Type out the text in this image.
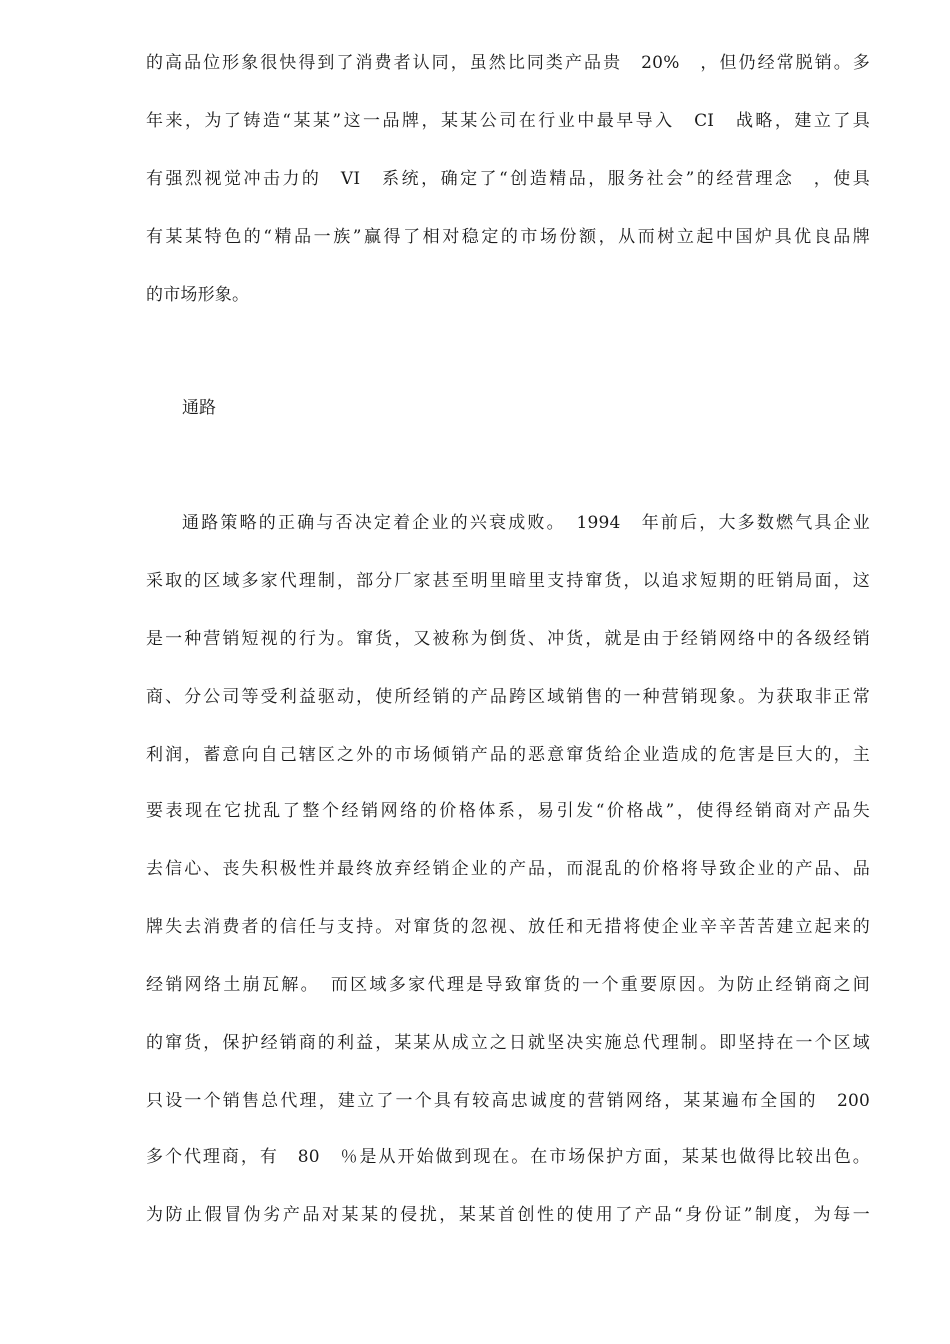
的高品位形象很快得到了消费者认同，虽然比同类产品贵　20%　，但仍经常脱销。多
年来，为了铸造“某某”这一品牌，某某公司在行业中最早导入　CI　战略，建立了具
有强烈视觉冲击力的　VI　系统，确定了“创造精品，服务社会”的经营理念　，使具
有某某特色的“精品一族”赢得了相对稳定的市场份额，从而树立起中国炉具优良品牌
的市场形象。
通路
通路策略的正确与否决定着企业的兴衰成败。　1994　年前后，大多数燃气具企业
采取的区域多家代理制，部分厂家甚至明里暗里支持窜货，以追求短期的旺销局面，这
是一种营销短视的行为。窜货，又被称为倒货、冲货，就是由于经销网络中的各级经销
商、分公司等受利益驱动，使所经销的产品跨区域销售的一种营销现象。为获取非正常
利润，蓄意向自己辖区之外的市场倾销产品的恶意窜货给企业造成的危害是巨大的，主
要表现在它扰乱了整个经销网络的价格体系，易引发“价格战”，使得经销商对产品失
去信心、丧失积极性并最终放弃经销企业的产品，而混乱的价格将导致企业的产品、品
牌失去消费者的信任与支持。对窜货的忽视、放任和无措将使企业辛辛苦苦建立起来的
经销网络土崩瓦解。　而区域多家代理是导致窜货的一个重要原因。为防止经销商之间
的窜货，保护经销商的利益，某某从成立之日就坚决实施总代理制。即坚持在一个区域
只设一个销售总代理，建立了一个具有较高忠诚度的营销网络，某某遍布全国的　200
多个代理商，有　80　％是从开始做到现在。在市场保护方面，某某也做得比较出色。
为防止假冒伪劣产品对某某的侵扰，某某首创性的使用了产品“身份证”制度，为每一
